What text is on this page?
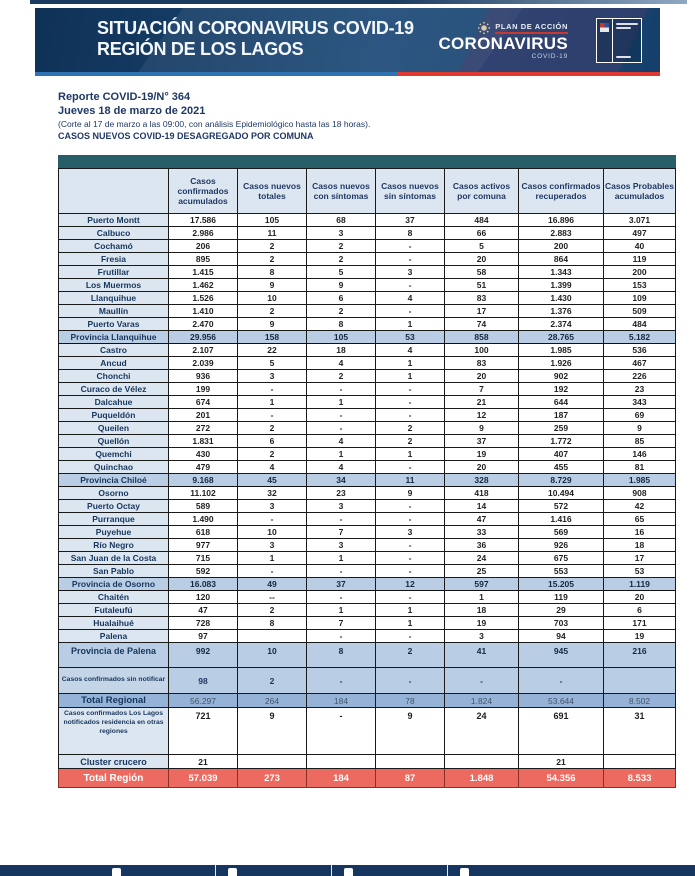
SITUACIÓN CORONAVIRUS COVID-19
REGIÓN DE LOS LAGOS
PLAN DE ACCIÓN
CORONAVIRUS
COVID-19
Reporte COVID-19/N° 364
Jueves 18 de marzo de 2021
(Corte al 17 de marzo a las 09:00, con análisis Epidemiológico hasta las 18 horas).
CASOS NUEVOS COVID-19 DESAGREGADO POR COMUNA

	Casos confirmados acumulados	Casos nuevos totales	Casos nuevos con síntomas	Casos nuevos sin síntomas	Casos activos por comuna	Casos confirmados recuperados	Casos Probables acumulados
Puerto Montt	17.586	105	68	37	484	16.896	3.071
Calbuco	2.986	11	3	8	66	2.883	497
Cochamó	206	2	2	-	5	200	40
Fresia	895	2	2	-	20	864	119
Frutillar	1.415	8	5	3	58	1.343	200
Los Muermos	1.462	9	9	-	51	1.399	153
Llanquihue	1.526	10	6	4	83	1.430	109
Maullín	1.410	2	2	-	17	1.376	509
Puerto Varas	2.470	9	8	1	74	2.374	484
Provincia Llanquihue	29.956	158	105	53	858	28.765	5.182
Castro	2.107	22	18	4	100	1.985	536
Ancud	2.039	5	4	1	83	1.926	467
Chonchi	936	3	2	1	20	902	226
Curaco de Vélez	199	-	-	-	7	192	23
Dalcahue	674	1	1	-	21	644	343
Puqueldón	201	-	-	-	12	187	69
Queilen	272	2	-	2	9	259	9
Quellón	1.831	6	4	2	37	1.772	85
Quemchi	430	2	1	1	19	407	146
Quinchao	479	4	4	-	20	455	81
Provincia Chiloé	9.168	45	34	11	328	8.729	1.985
Osorno	11.102	32	23	9	418	10.494	908
Puerto Octay	589	3	3	-	14	572	42
Purranque	1.490	-	-	-	47	1.416	65
Puyehue	618	10	7	3	33	569	16
Río Negro	977	3	3	-	36	926	18
San Juan de la Costa	715	1	1	-	24	675	17
San Pablo	592	-	-	-	25	553	53
Provincia de Osorno	16.083	49	37	12	597	15.205	1.119
Chaitén	120	--	-	-	1	119	20
Futaleufú	47	2	1	1	18	29	6
Hualaihué	728	8	7	1	19	703	171
Palena	97		-	-	3	94	19
Provincia de Palena	992	10	8	2	41	945	216
Casos confirmados sin notificar	98	2	-	-	-	-	
Total Regional	56.297	264	184	78	1.824	53.644	8.502
Casos confirmados Los Lagos notificados residencia en otras regiones	721	9	-	9	24	691	31
Cluster crucero	21					21	
Total Región	57.039	273	184	87	1.848	54.356	8.533
